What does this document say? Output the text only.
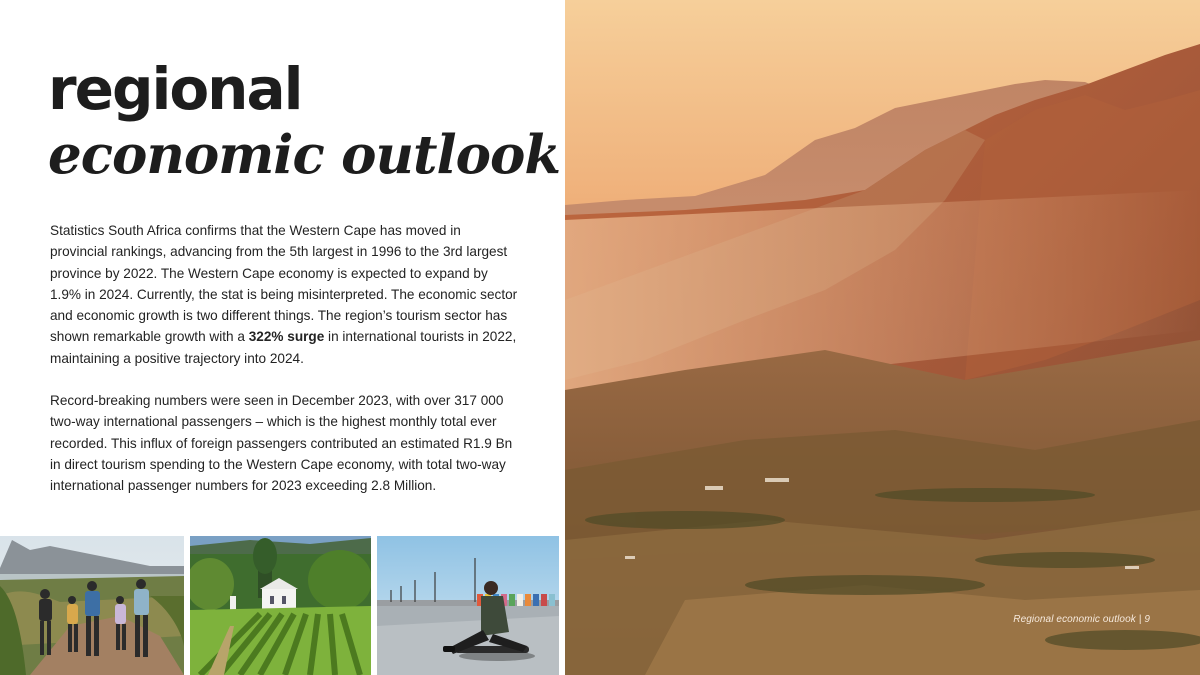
regional
economic outlook

Statistics South Africa confirms that the Western Cape has moved in provincial rankings, advancing from the 5th largest in 1996 to the 3rd largest province by 2022. The Western Cape economy is expected to expand by 1.9% in 2024. Currently, the stat is being misinterpreted. The economic sector and economic growth is two different things. The region’s tourism sector has shown remarkable growth with a 322% surge in international tourists in 2022, maintaining a positive trajectory into 2024.

Record-breaking numbers were seen in December 2023, with over 317 000 two-way international passengers – which is the highest monthly total ever recorded. This influx of foreign passengers contributed an estimated R1.9 Bn in direct tourism spending to the Western Cape economy, with total two-way international passenger numbers for 2023 exceeding 2.8 Million.

Regional economic outlook | 9
